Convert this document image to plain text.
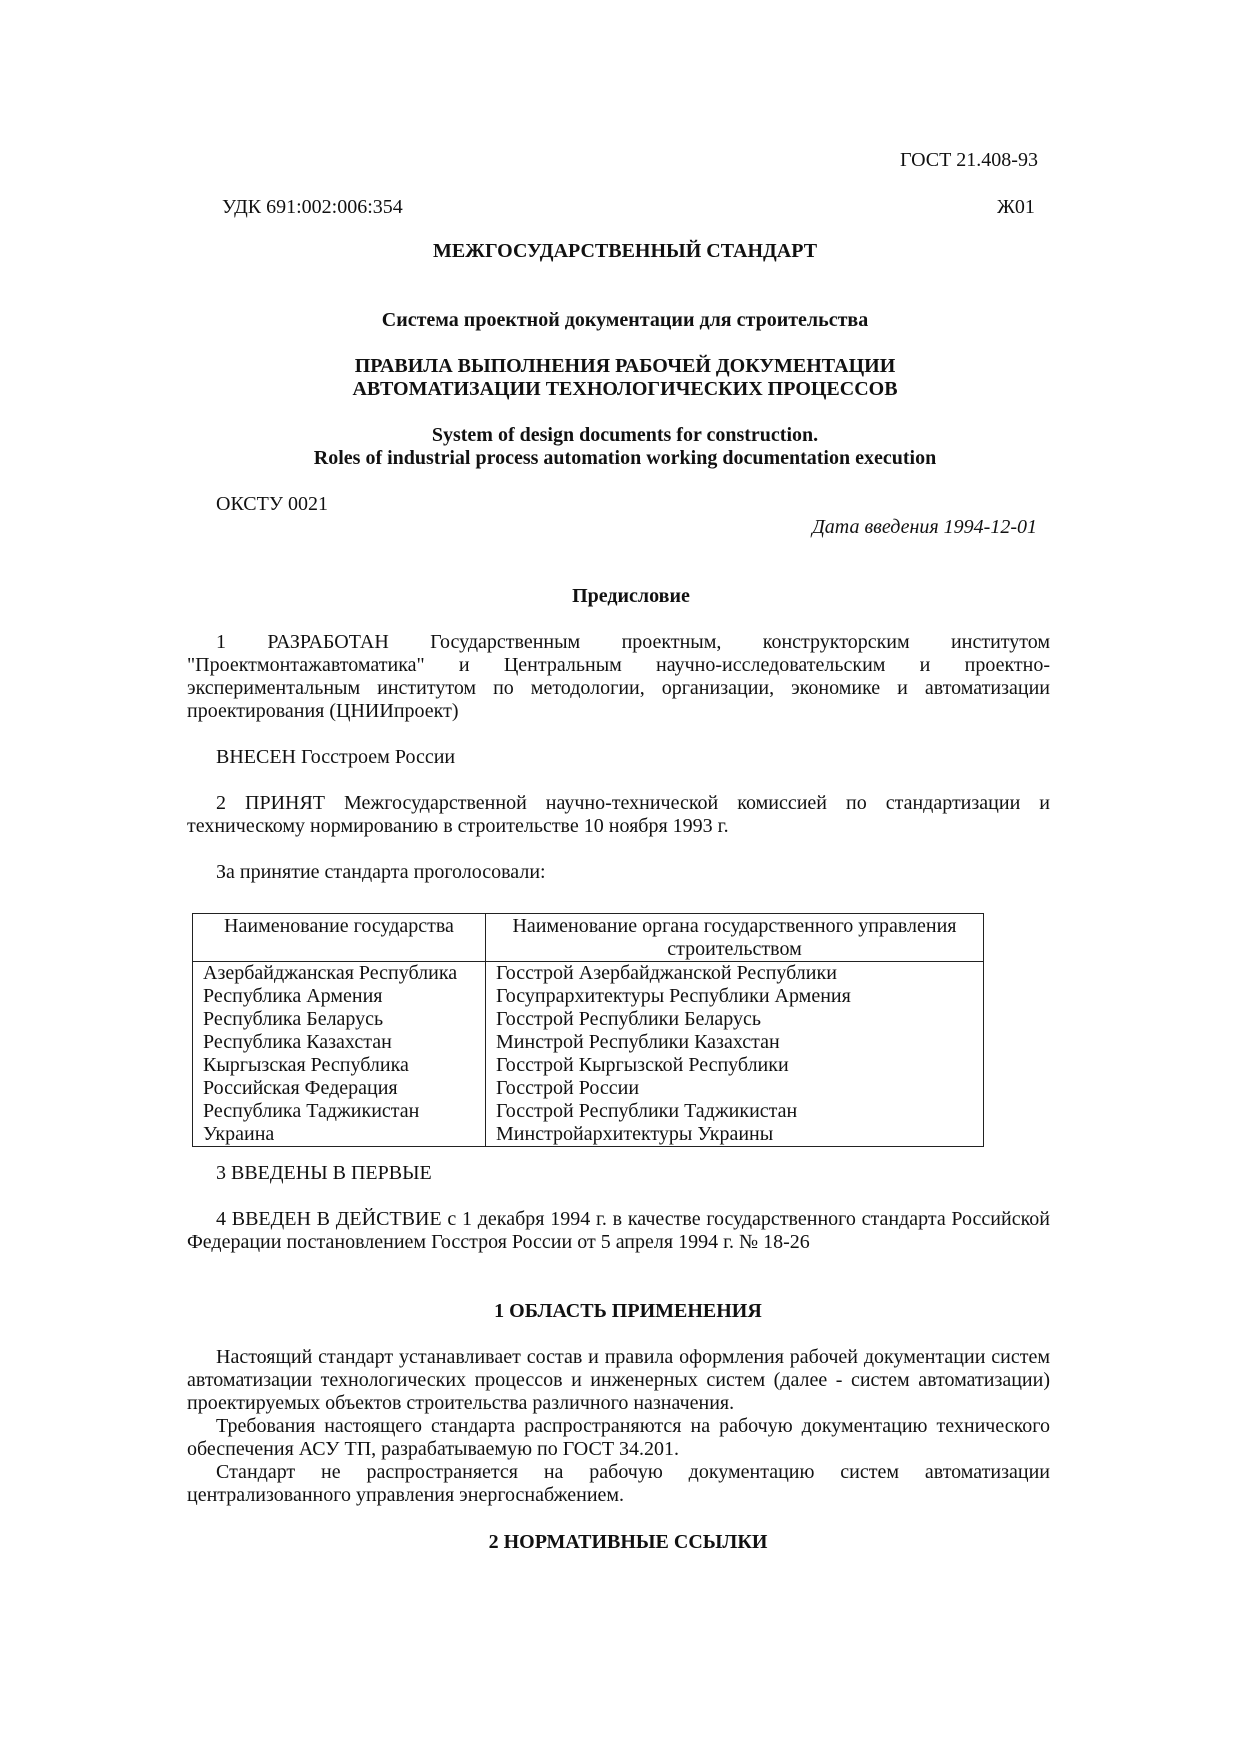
ГОСТ 21.408-93
УДК 691:002:006:354	Ж01
МЕЖГОСУДАРСТВЕННЫЙ СТАНДАРТ
Система проектной документации для строительства
ПРАВИЛА ВЫПОЛНЕНИЯ РАБОЧЕЙ ДОКУМЕНТАЦИИ
АВТОМАТИЗАЦИИ ТЕХНОЛОГИЧЕСКИХ ПРОЦЕССОВ
System of design documents for construction.
Roles of industrial process automation working documentation execution
ОКСТУ 0021
Дата введения 1994-12-01
Предисловие
1 РАЗРАБОТАН Государственным проектным, конструкторским институтом "Проектмонтажавтоматика" и Центральным научно-исследовательским и проектно-экспериментальным институтом по методологии, организации, экономике и автоматизации проектирования (ЦНИИпроект)
ВНЕСЕН Госстроем России
2 ПРИНЯТ Межгосударственной научно-технической комиссией по стандартизации и техническому нормированию в строительстве 10 ноября 1993 г.
За принятие стандарта проголосовали:
Наименование государства	Наименование органа государственного управления строительством
Азербайджанская Республика	Госстрой Азербайджанской Республики
Республика Армения	Госупрархитектуры Республики Армения
Республика Беларусь	Госстрой Республики Беларусь
Республика Казахстан	Минстрой Республики Казахстан
Кыргызская Республика	Госстрой Кыргызской Республики
Российская Федерация	Госстрой России
Республика Таджикистан	Госстрой Республики Таджикистан
Украина	Минстройархитектуры Украины
3 ВВЕДЕНЫ В ПЕРВЫЕ
4 ВВЕДЕН В ДЕЙСТВИЕ с 1 декабря 1994 г. в качестве государственного стандарта Российской Федерации постановлением Госстроя России от 5 апреля 1994 г. № 18-26
1 ОБЛАСТЬ ПРИМЕНЕНИЯ
Настоящий стандарт устанавливает состав и правила оформления рабочей документации систем автоматизации технологических процессов и инженерных систем (далее - систем автоматизации) проектируемых объектов строительства различного назначения.
Требования настоящего стандарта распространяются на рабочую документацию технического обеспечения АСУ ТП, разрабатываемую по ГОСТ 34.201.
Стандарт не распространяется на рабочую документацию систем автоматизации централизованного управления энергоснабжением.
2 НОРМАТИВНЫЕ ССЫЛКИ
